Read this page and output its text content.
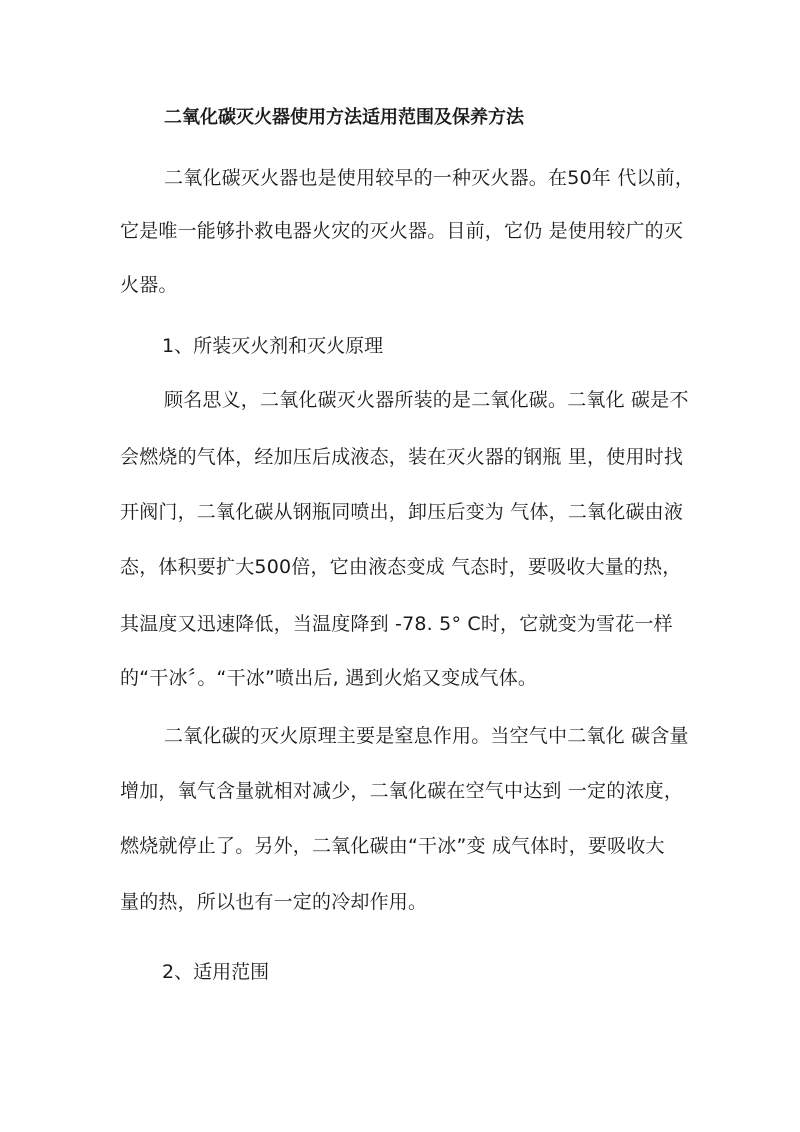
二氧化碳灭火器使用方法适用范围及保养方法
二氧化碳灭火器也是使用较早的一种灭火器。在50年 代以前，
它是唯一能够扑救电器火灾的灭火器。目前，它仍 是使用较广的灭
火器。
1、所装灭火剂和灭火原理
顾名思义，二氧化碳灭火器所装的是二氧化碳。二氧化 碳是不
会燃烧的气体，经加压后成液态，装在灭火器的钢瓶 里，使用时找
开阀门，二氧化碳从钢瓶同喷出，卸压后变为 气体，二氧化碳由液
态，体积要扩大500倍，它由液态变成 气态时，要吸收大量的热，
其温度又迅速降低，当温度降到 -78. 5° C时，它就变为雪花一样
的“干冰〞。“干冰”喷出后, 遇到火焰又变成气体。
二氧化碳的灭火原理主要是窒息作用。当空气中二氧化 碳含量
增加，氧气含量就相对减少，二氧化碳在空气中达到 一定的浓度，
燃烧就停止了。另外，二氧化碳由“干冰”变 成气体时，要吸收大
量的热，所以也有一定的冷却作用。
2、适用范围
